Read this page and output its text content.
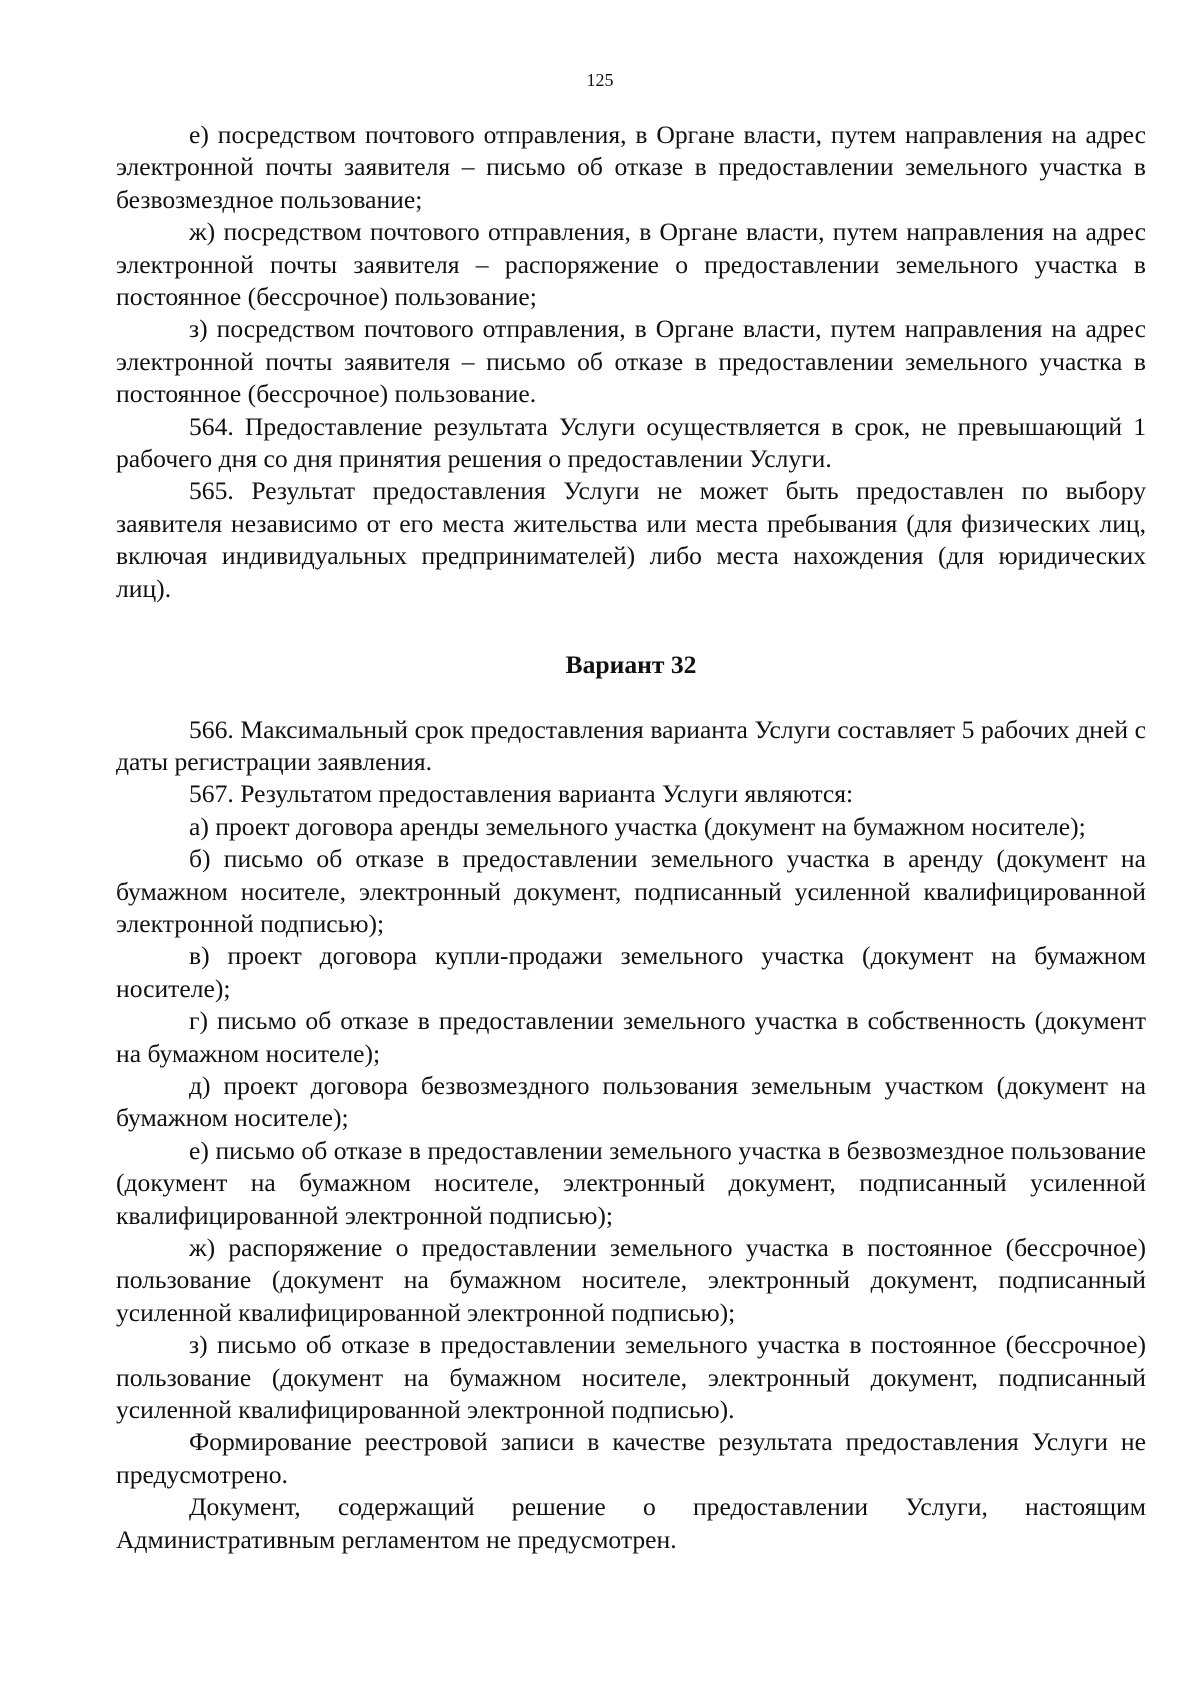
125

е) посредством почтового отправления, в Органе власти, путем направления на адрес электронной почты заявителя – письмо об отказе в предоставлении земельного участка в безвозмездное пользование;

ж) посредством почтового отправления, в Органе власти, путем направления на адрес электронной почты заявителя – распоряжение о предоставлении земельного участка в постоянное (бессрочное) пользование;

з) посредством почтового отправления, в Органе власти, путем направления на адрес электронной почты заявителя – письмо об отказе в предоставлении земельного участка в постоянное (бессрочное) пользование.

564. Предоставление результата Услуги осуществляется в срок, не превышающий 1 рабочего дня со дня принятия решения о предоставлении Услуги.

565. Результат предоставления Услуги не может быть предоставлен по выбору заявителя независимо от его места жительства или места пребывания (для физических лиц, включая индивидуальных предпринимателей) либо места нахождения (для юридических лиц).

Вариант 32

566. Максимальный срок предоставления варианта Услуги составляет 5 рабочих дней с даты регистрации заявления.

567. Результатом предоставления варианта Услуги являются:

а) проект договора аренды земельного участка (документ на бумажном носителе);

б) письмо об отказе в предоставлении земельного участка в аренду (документ на бумажном носителе, электронный документ, подписанный усиленной квалифицированной электронной подписью);

в) проект договора купли-продажи земельного участка (документ на бумажном носителе);

г) письмо об отказе в предоставлении земельного участка в собственность (документ на бумажном носителе);

д) проект договора безвозмездного пользования земельным участком (документ на бумажном носителе);

е) письмо об отказе в предоставлении земельного участка в безвозмездное пользование (документ на бумажном носителе, электронный документ, подписанный усиленной квалифицированной электронной подписью);

ж) распоряжение о предоставлении земельного участка в постоянное (бессрочное) пользование (документ на бумажном носителе, электронный документ, подписанный усиленной квалифицированной электронной подписью);

з) письмо об отказе в предоставлении земельного участка в постоянное (бессрочное) пользование (документ на бумажном носителе, электронный документ, подписанный усиленной квалифицированной электронной подписью).

Формирование реестровой записи в качестве результата предоставления Услуги не предусмотрено.

Документ, содержащий решение о предоставлении Услуги, настоящим Административным регламентом не предусмотрен.
